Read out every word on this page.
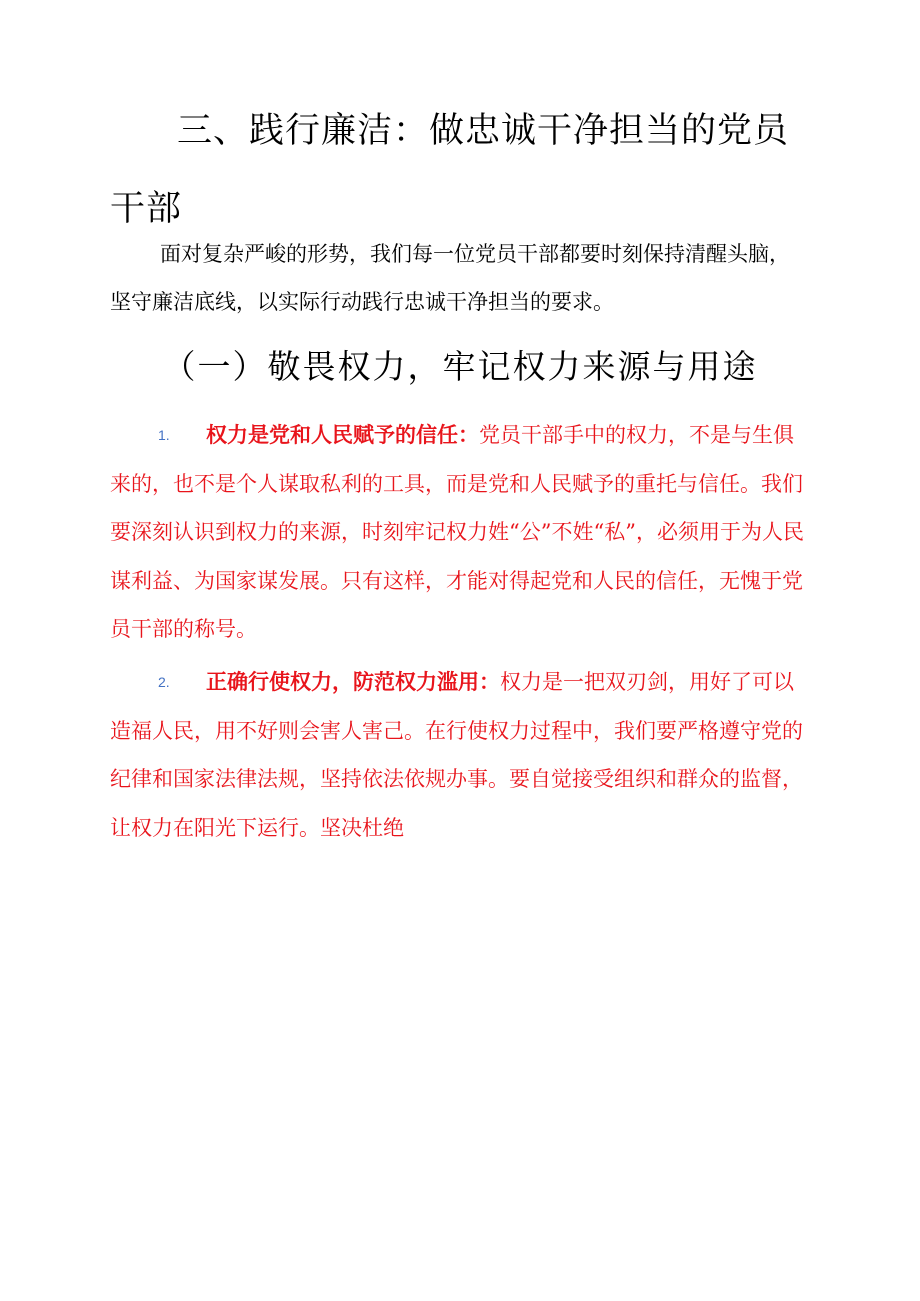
三、践行廉洁：做忠诚干净担当的党员干部

面对复杂严峻的形势，我们每一位党员干部都要时刻保持清醒头脑，坚守廉洁底线，以实际行动践行忠诚干净担当的要求。

（一）敬畏权力，牢记权力来源与用途

1. 权力是党和人民赋予的信任：党员干部手中的权力，不是与生俱来的，也不是个人谋取私利的工具，而是党和人民赋予的重托与信任。我们要深刻认识到权力的来源，时刻牢记权力姓“公”不姓“私”，必须用于为人民谋利益、为国家谋发展。只有这样，才能对得起党和人民的信任，无愧于党员干部的称号。

2. 正确行使权力，防范权力滥用：权力是一把双刃剑，用好了可以造福人民，用不好则会害人害己。在行使权力过程中，我们要严格遵守党的纪律和国家法律法规，坚持依法依规办事。要自觉接受组织和群众的监督，让权力在阳光下运行。坚决杜绝
